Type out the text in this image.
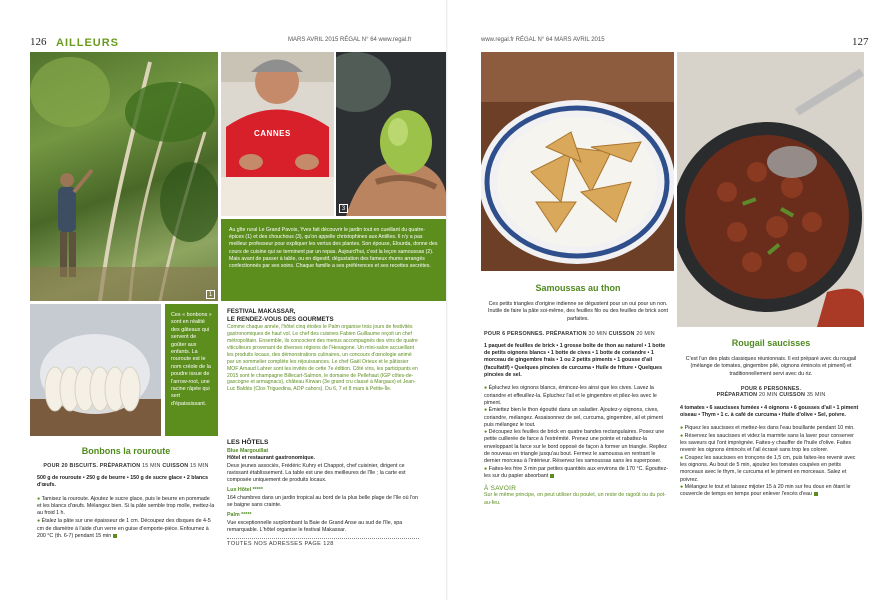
126 AILLEURS	MARS AVRIL 2015 RÉGAL N° 64 www.regal.fr
1
CANNES
3
Au gîte rural Le Grand Pavois, Yves fait découvrir le jardin tout en cueillant du quatre-épices (1) et des chouchous (3), qu'on appelle christophines aux Antilles. Il n'y a pas meilleur professeur pour expliquer les vertus des plantes. Son épouse, Elourda, donne des cours de cuisine qui se terminent par un repas. Aujourd'hui, c'est la leçon samoussas (2). Mais avant de passer à table, ou en digestif, dégustation des fameux rhums arrangés confectionnés par ses soins. Chaque famille a ses préférences et ses recettes secrètes.
Ces « bonbons » sont en réalité des gâteaux qui servent de goûter aux enfants. La rouroute est le nom créole de la poudre issue de l'arrow-root, une racine râpée qui sert d'épaississant.
FESTIVAL MAKASSAR,
LE RENDEZ-VOUS DES GOURMETS
Comme chaque année, l'hôtel cinq étoiles le Palm organise trois jours de festivités gastronomiques de haut vol. Le chef des cuisines Fabien Guillaume reçoit un chef métropolitain. Ensemble, ils concoctent des menus accompagnés des vins de quatre viticulteurs provenant de diverses régions de l'Hexagone. Un mini-salon accueillant les produits locaux, des démonstrations culinaires, un concours d'œnologie animé par un sommelier complète les réjouissances. Le chef Gaël Orieux et le pâtissier MOF Arnaud Lahrer sont les invités de cette 7e édition. Côté vins, les participants en 2015 sont le champagne Billecart-Salmon, le domaine de Pellehaut (IGP côtes-de-gascogne et armagnacs), château Kirwan (3e grand cru classé à Margaux) et Jean-Luc Baldès (Clos Triguedina, AOP cahors). Du 6, 7 et 8 mars à Petite-Île.
LES HÔTELS
Blue Margouillat
Hôtel et restaurant gastronomique.
Deux jeunes associés, Frédéric Kuhry et Chappot, chef cuisinier, dirigent ce ravissant établissement. La table est une des meilleures de l'île ; la carte est composée uniquement de produits locaux.
Lux Hôtel *****
164 chambres dans un jardin tropical au bord de la plus belle plage de l'île où l'on se baigne sans crainte.
Palm *****
Vue exceptionnelle surplombant la Baie de Grand Anse au sud de l'île, spa remarquable. L'hôtel organise le festival Makassar.
TOUTES NOS ADRESSES PAGE 128
Bonbons la rouroute
POUR 20 BISCUITS. PRÉPARATION 15 MIN CUISSON 15 MIN
500 g de rouroute • 250 g de beurre • 150 g de sucre glace • 2 blancs d'œufs.
● Tamisez la rouroute. Ajoutez le sucre glace, puis le beurre en pommade et les blancs d'œufs. Mélangez bien. Si la pâte semble trop molle, mettez-la au froid 1 h.
● Étalez la pâte sur une épaisseur de 1 cm. Découpez des disques de 4-5 cm de diamètre à l'aide d'un verre en guise d'emporte-pièce. Enfournez à 200 °C (th. 6-7) pendant 15 min
www.regal.fr RÉGAL N° 64 MARS AVRIL 2015	127
Samoussas au thon
Ces petits triangles d'origine indienne se dégustent pour un oui pour un non. Inutile de faire la pâte soi-même, des feuilles filo ou des feuilles de brick sont parfaites.
POUR 6 PERSONNES. PRÉPARATION 30 MIN CUISSON 20 MIN
1 paquet de feuilles de brick • 1 grosse boîte de thon au naturel • 1 botte de petits oignons blancs • 1 botte de cives • 1 botte de coriandre • 1 morceau de gingembre frais • 1 ou 2 petits piments • 1 gousse d'ail (facultatif) • Quelques pincées de curcuma • Huile de friture • Quelques pincées de sel.
● Épluchez les oignons blancs, émincez-les ainsi que les cives. Lavez la coriandre et effeuillez-la. Épluchez l'ail et le gingembre et pilez-les avec le piment.
● Émiettez bien le thon égoutté dans un saladier. Ajoutez-y oignons, cives, coriandre, mélangez. Assaisonnez de sel, curcuma, gingembre, ail et piment puis mélangez le tout.
● Découpez les feuilles de brick en quatre bandes rectangulaires. Posez une petite cuillerée de farce à l'extrémité. Prenez une pointe et rabattez-la enveloppant la farce sur le bord opposé de façon à former un triangle. Repliez de nouveau en triangle jusqu'au bout. Fermez le samoussa en rentrant le dernier morceau à l'intérieur. Réservez les samoussas sans les superposer.
● Faites-les frire 3 min par petites quantités aux environs de 170 °C. Égouttez-les sur du papier absorbant
À SAVOIR
Sur le même principe, on peut utiliser du poulet, un reste de ragoût ou du pot-au-feu.
Rougail saucisses
C'est l'un des plats classiques réunionnais. Il est préparé avec du rougail (mélange de tomates, gingembre pilé, oignons émincés et piment) et traditionnellement servi avec du riz.
POUR 6 PERSONNES.
PRÉPARATION 20 MIN CUISSON 35 MIN
4 tomates • 6 saucisses fumées • 4 oignons • 6 gousses d'ail • 1 piment oiseau • Thym • 1 c. à café de curcuma • Huile d'olive • Sel, poivre.
● Piquez les saucisses et mettez-les dans l'eau bouillante pendant 10 min.
● Réservez les saucisses et videz la marmite sans la laver pour conserver les saveurs qui l'ont imprégnée. Faites-y chauffer de l'huile d'olive. Faites revenir les oignons émincés et l'ail écrasé sans trop les colorer.
● Coupez les saucisses en tronçons de 1,5 cm, puis faites-les revenir avec les oignons. Au bout de 5 min, ajoutez les tomates coupées en petits morceaux avec le thym, le curcuma et le piment en morceaux. Salez et poivrez.
● Mélangez le tout et laissez mijoter 15 à 20 min sur feu doux en ôtant le couvercle de temps en temps pour enlever l'excès d'eau
